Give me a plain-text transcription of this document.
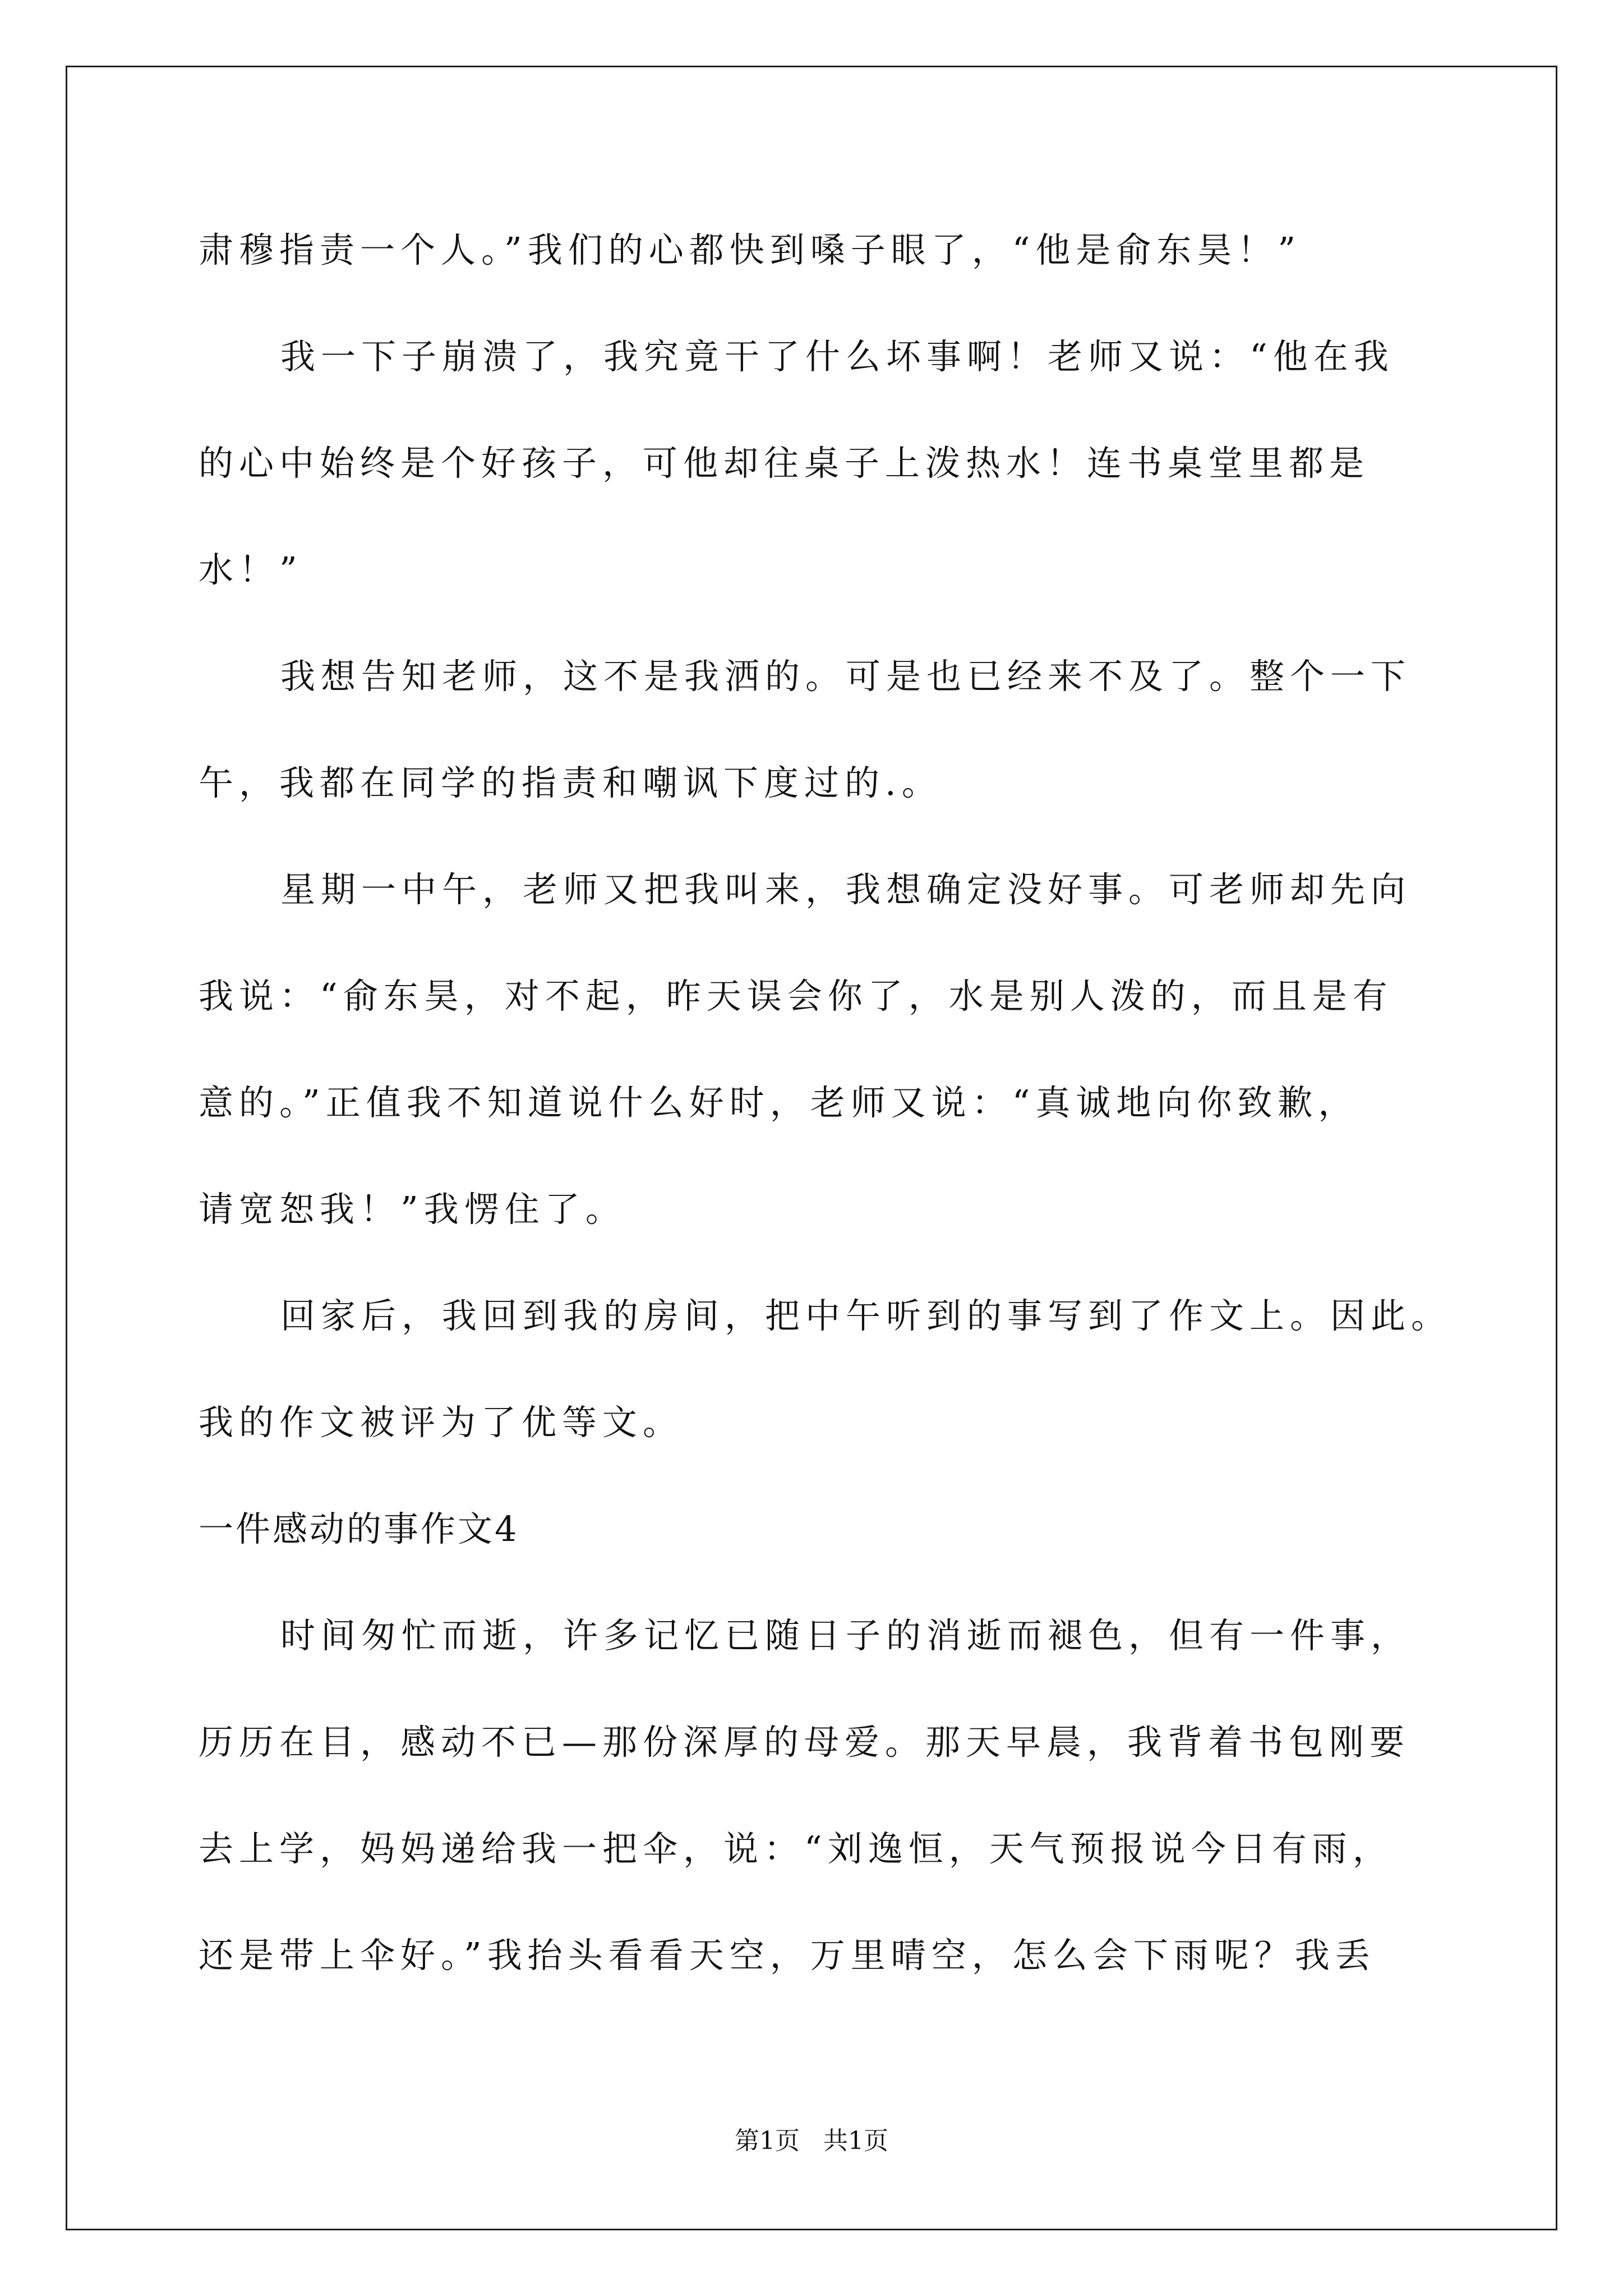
肃穆指责一个人。”我们的心都快到嗓子眼了，“他是俞东昊！”

我一下子崩溃了，我究竟干了什么坏事啊！老师又说：“他在我

的心中始终是个好孩子，可他却往桌子上泼热水！连书桌堂里都是

水！”

我想告知老师，这不是我洒的。可是也已经来不及了。整个一下

午，我都在同学的指责和嘲讽下度过的.。

星期一中午，老师又把我叫来，我想确定没好事。可老师却先向

我说：“俞东昊，对不起，昨天误会你了，水是别人泼的，而且是有

意的。”正值我不知道说什么好时，老师又说：“真诚地向你致歉，

请宽恕我！”我愣住了。

回家后，我回到我的房间，把中午听到的事写到了作文上。因此。

我的作文被评为了优等文。

一件感动的事作文4

时间匆忙而逝，许多记忆已随日子的消逝而褪色，但有一件事，

历历在目，感动不已—那份深厚的母爱。那天早晨，我背着书包刚要

去上学，妈妈递给我一把伞，说：“刘逸恒，天气预报说今日有雨，

还是带上伞好。”我抬头看看天空，万里晴空，怎么会下雨呢？我丢

第1页 共1页
